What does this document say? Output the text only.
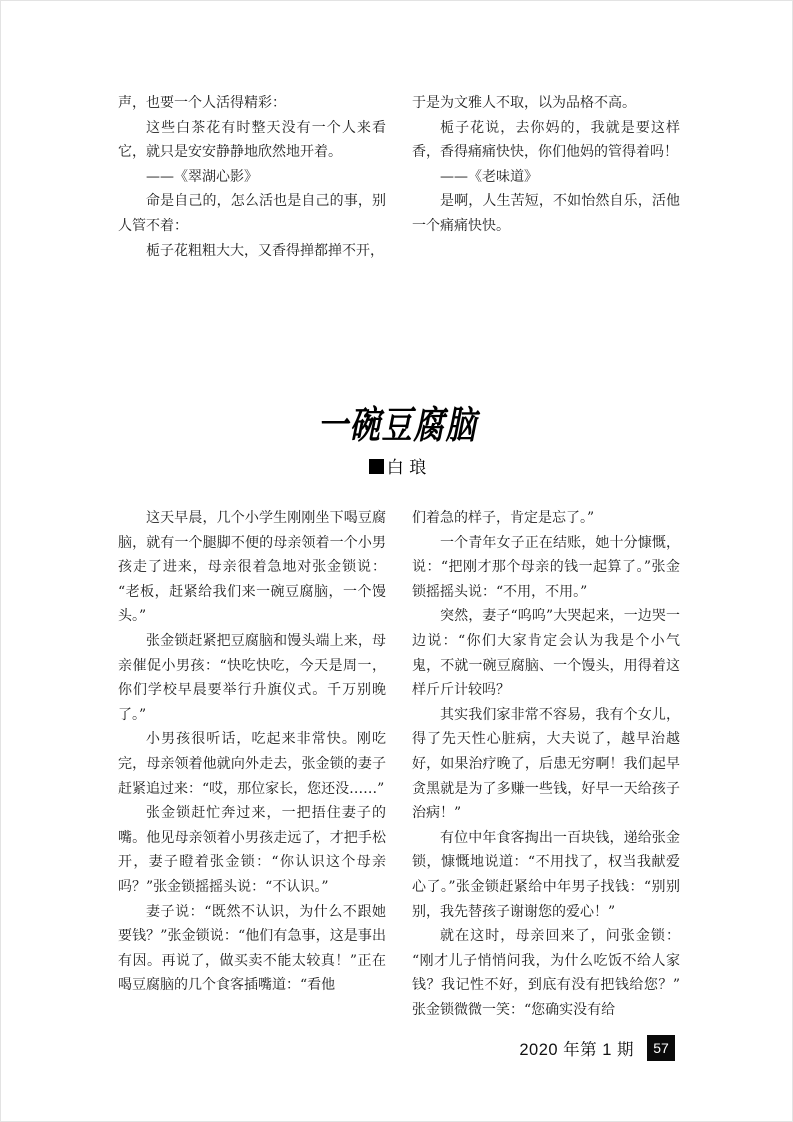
声，也要一个人活得精彩：

这些白茶花有时整天没有一个人来看它，就只是安安静静地欣然地开着。

——《翠湖心影》

命是自己的，怎么活也是自己的事，别人管不着：

栀子花粗粗大大，又香得掸都掸不开，

于是为文雅人不取，以为品格不高。

栀子花说，去你妈的，我就是要这样香，香得痛痛快快，你们他妈的管得着吗！

——《老味道》

是啊，人生苦短，不如怡然自乐，活他一个痛痛快快。

一碗豆腐脑
白 琅

这天早晨，几个小学生刚刚坐下喝豆腐脑，就有一个腿脚不便的母亲领着一个小男孩走了进来，母亲很着急地对张金锁说：“老板，赶紧给我们来一碗豆腐脑，一个馒头。”

张金锁赶紧把豆腐脑和馒头端上来，母亲催促小男孩：“快吃快吃，今天是周一，你们学校早晨要举行升旗仪式。千万别晚了。”

小男孩很听话，吃起来非常快。刚吃完，母亲领着他就向外走去，张金锁的妻子赶紧追过来：“哎，那位家长，您还没……”

张金锁赶忙奔过来，一把捂住妻子的嘴。他见母亲领着小男孩走远了，才把手松开，妻子瞪着张金锁：“你认识这个母亲吗？”张金锁摇摇头说：“不认识。”

妻子说：“既然不认识，为什么不跟她要钱？”张金锁说：“他们有急事，这是事出有因。再说了，做买卖不能太较真！”正在喝豆腐脑的几个食客插嘴道：“看他

们着急的样子，肯定是忘了。”

一个青年女子正在结账，她十分慷慨，说：“把刚才那个母亲的钱一起算了。”张金锁摇摇头说：“不用，不用。”

突然，妻子“呜呜”大哭起来，一边哭一边说：“你们大家肯定会认为我是个小气鬼，不就一碗豆腐脑、一个馒头，用得着这样斤斤计较吗？

其实我们家非常不容易，我有个女儿，得了先天性心脏病，大夫说了，越早治越好，如果治疗晚了，后患无穷啊！我们起早贪黑就是为了多赚一些钱，好早一天给孩子治病！”

有位中年食客掏出一百块钱，递给张金锁，慷慨地说道：“不用找了，权当我献爱心了。”张金锁赶紧给中年男子找钱：“别别别，我先替孩子谢谢您的爱心！”

就在这时，母亲回来了，问张金锁：“刚才儿子悄悄问我，为什么吃饭不给人家钱？我记性不好，到底有没有把钱给您？”张金锁微微一笑：“您确实没有给

2020 年第 1 期	57
